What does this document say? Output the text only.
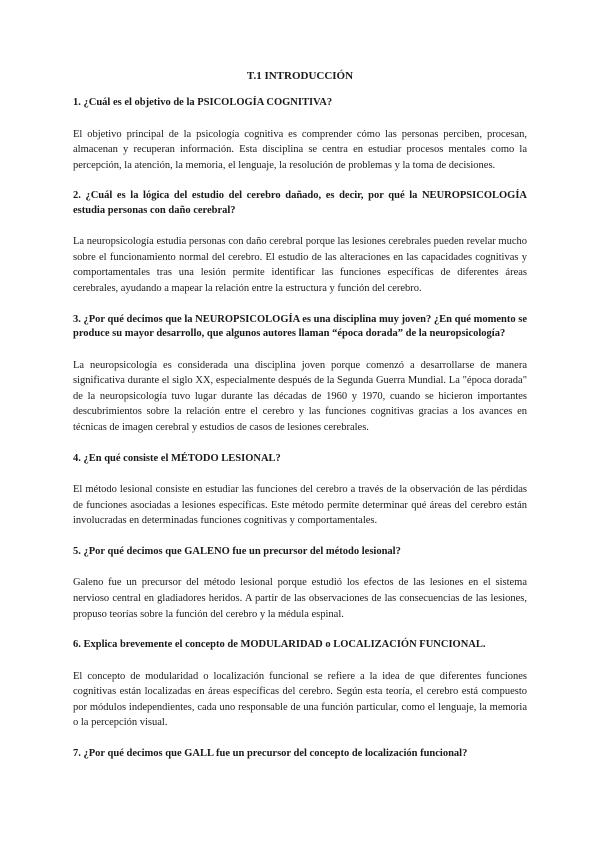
T.1 INTRODUCCIÓN
1. ¿Cuál es el objetivo de la PSICOLOGÍA COGNITIVA?
El objetivo principal de la psicología cognitiva es comprender cómo las personas perciben, procesan, almacenan y recuperan información. Esta disciplina se centra en estudiar procesos mentales como la percepción, la atención, la memoria, el lenguaje, la resolución de problemas y la toma de decisiones.
2. ¿Cuál es la lógica del estudio del cerebro dañado, es decir, por qué la NEUROPSICOLOGÍA estudia personas con daño cerebral?
La neuropsicología estudia personas con daño cerebral porque las lesiones cerebrales pueden revelar mucho sobre el funcionamiento normal del cerebro. El estudio de las alteraciones en las capacidades cognitivas y comportamentales tras una lesión permite identificar las funciones específicas de diferentes áreas cerebrales, ayudando a mapear la relación entre la estructura y función del cerebro.
3. ¿Por qué decimos que la NEUROPSICOLOGÍA es una disciplina muy joven? ¿En qué momento se produce su mayor desarrollo, que algunos autores llaman “época dorada” de la neuropsicología?
La neuropsicología es considerada una disciplina joven porque comenzó a desarrollarse de manera significativa durante el siglo XX, especialmente después de la Segunda Guerra Mundial. La "época dorada" de la neuropsicología tuvo lugar durante las décadas de 1960 y 1970, cuando se hicieron importantes descubrimientos sobre la relación entre el cerebro y las funciones cognitivas gracias a los avances en técnicas de imagen cerebral y estudios de casos de lesiones cerebrales.
4. ¿En qué consiste el MÉTODO LESIONAL?
El método lesional consiste en estudiar las funciones del cerebro a través de la observación de las pérdidas de funciones asociadas a lesiones específicas. Este método permite determinar qué áreas del cerebro están involucradas en determinadas funciones cognitivas y comportamentales.
5. ¿Por qué decimos que GALENO fue un precursor del método lesional?
Galeno fue un precursor del método lesional porque estudió los efectos de las lesiones en el sistema nervioso central en gladiadores heridos. A partir de las observaciones de las consecuencias de las lesiones, propuso teorías sobre la función del cerebro y la médula espinal.
6. Explica brevemente el concepto de MODULARIDAD o LOCALIZACIÓN FUNCIONAL.
El concepto de modularidad o localización funcional se refiere a la idea de que diferentes funciones cognitivas están localizadas en áreas específicas del cerebro. Según esta teoría, el cerebro está compuesto por módulos independientes, cada uno responsable de una función particular, como el lenguaje, la memoria o la percepción visual.
7. ¿Por qué decimos que GALL fue un precursor del concepto de localización funcional?
